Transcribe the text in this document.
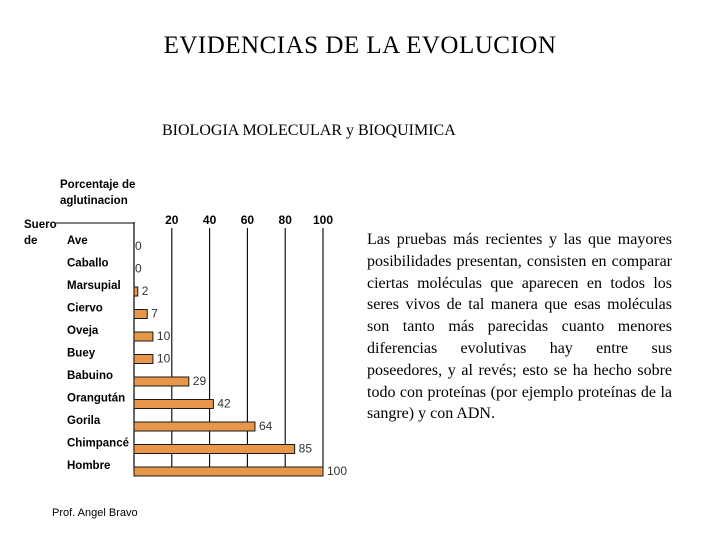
EVIDENCIAS DE LA EVOLUCION
BIOLOGIA MOLECULAR y BIOQUIMICA
Porcentaje de
aglutinacion
Suero
de
20 40 60 80 100
Ave	0
Caballo 0
Marsupial 2
Ciervo	7
Oveja	10
Buey	10
Babuino	29
Orangután	42
Gorila	64
Chimpancé	85
Hombre	100
Las pruebas más recientes y las que mayores posibilidades presentan, consisten en comparar ciertas moléculas que aparecen en todos los seres vivos de tal manera que esas moléculas son tanto más parecidas cuanto menores diferencias evolutivas hay entre sus poseedores, y al revés; esto se ha hecho sobre todo con proteínas (por ejemplo proteínas de la sangre) y con ADN.
Prof. Angel Bravo
